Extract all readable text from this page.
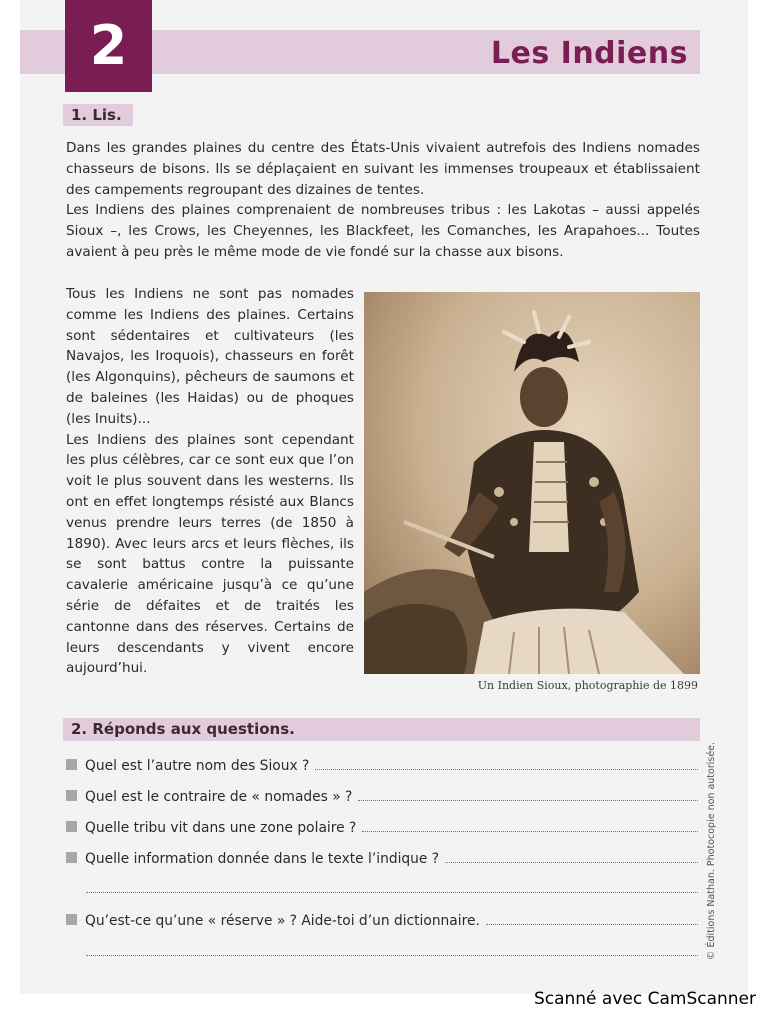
2	Les Indiens
1. Lis.
Dans les grandes plaines du centre des États-Unis vivaient autrefois des Indiens nomades chasseurs de bisons. Ils se déplaçaient en suivant les immenses troupeaux et établissaient des campements regroupant des dizaines de tentes.
Les Indiens des plaines comprenaient de nombreuses tribus : les Lakotas – aussi appelés Sioux –, les Crows, les Cheyennes, les Blackfeet, les Comanches, les Arapahoes... Toutes avaient à peu près le même mode de vie fondé sur la chasse aux bisons.
Tous les Indiens ne sont pas nomades comme les Indiens des plaines. Certains sont sédentaires et cultivateurs (les Navajos, les Iroquois), chasseurs en forêt (les Algonquins), pêcheurs de saumons et de baleines (les Haidas) ou de phoques (les Inuits)...
Les Indiens des plaines sont cependant les plus célèbres, car ce sont eux que l’on voit le plus souvent dans les westerns. Ils ont en effet longtemps résisté aux Blancs venus prendre leurs terres (de 1850 à 1890). Avec leurs arcs et leurs flèches, ils se sont battus contre la puissante cavalerie américaine jusqu’à ce qu’une série de défaites et de traités les cantonne dans des réserves. Certains de leurs descendants y vivent encore aujourd’hui.
Un Indien Sioux, photographie de 1899
2. Réponds aux questions.
Quel est l’autre nom des Sioux ?
Quel est le contraire de « nomades » ?
Quelle tribu vit dans une zone polaire ?
Quelle information donnée dans le texte l’indique ?
Qu’est-ce qu’une « réserve » ? Aide-toi d’un dictionnaire.	© Éditions Nathan. Photocopie non autorisée.
Scanné avec CamScanner
